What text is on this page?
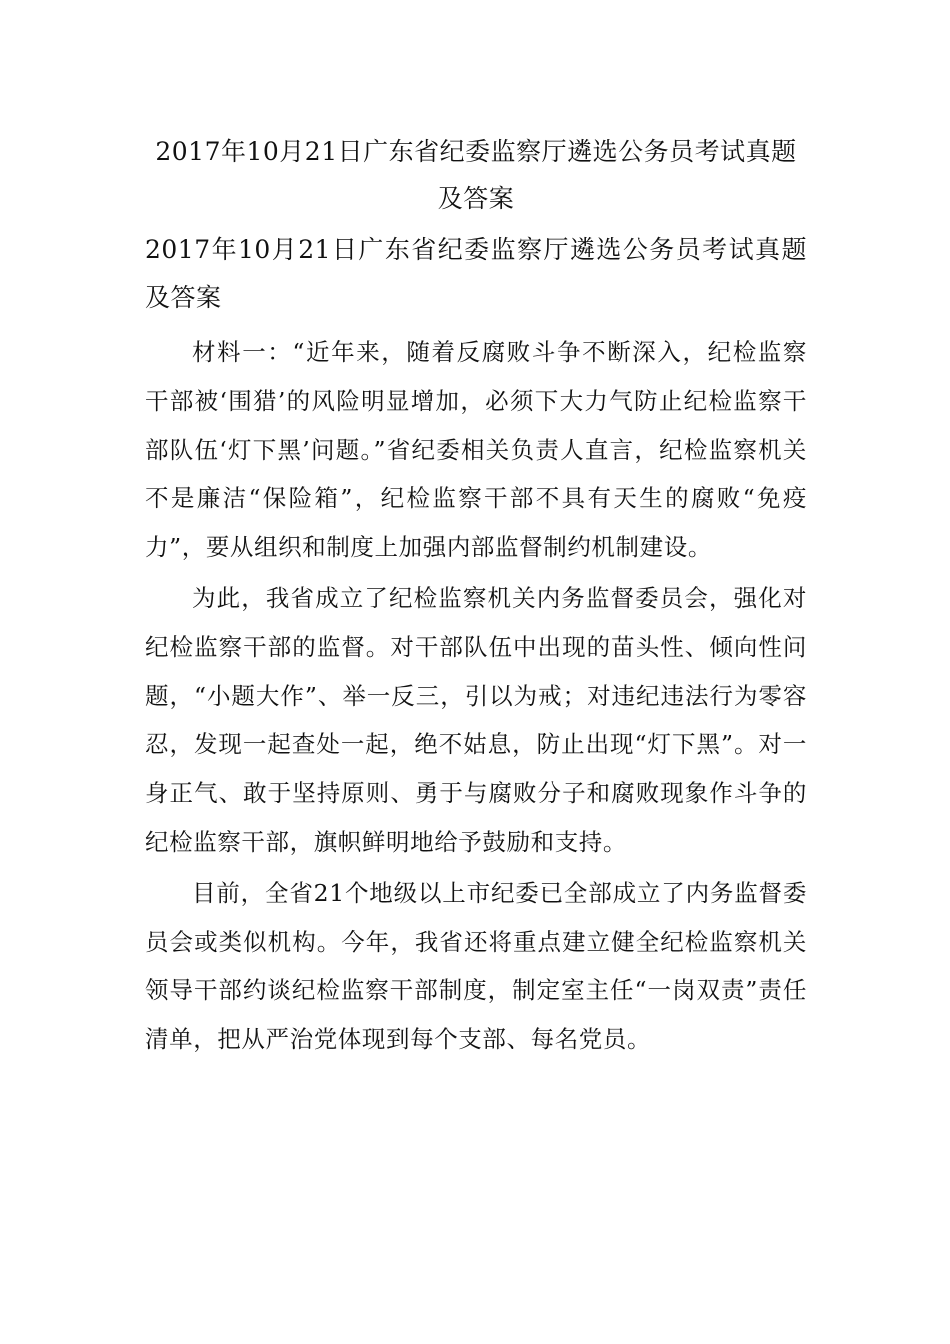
2017年10月21日广东省纪委监察厅遴选公务员考试真题及答案
2017年10月21日广东省纪委监察厅遴选公务员考试真题及答案

材料一：“近年来，随着反腐败斗争不断深入，纪检监察干部被‘围猎’的风险明显增加，必须下大力气防止纪检监察干部队伍‘灯下黑’问题。”省纪委相关负责人直言，纪检监察机关不是廉洁“保险箱”，纪检监察干部不具有天生的腐败“免疫力”，要从组织和制度上加强内部监督制约机制建设。

为此，我省成立了纪检监察机关内务监督委员会，强化对纪检监察干部的监督。对干部队伍中出现的苗头性、倾向性问题，“小题大作”、举一反三，引以为戒；对违纪违法行为零容忍，发现一起查处一起，绝不姑息，防止出现“灯下黑”。对一身正气、敢于坚持原则、勇于与腐败分子和腐败现象作斗争的纪检监察干部，旗帜鲜明地给予鼓励和支持。

目前，全省21个地级以上市纪委已全部成立了内务监督委员会或类似机构。今年，我省还将重点建立健全纪检监察机关领导干部约谈纪检监察干部制度，制定室主任“一岗双责”责任清单，把从严治党体现到每个支部、每名党员。
